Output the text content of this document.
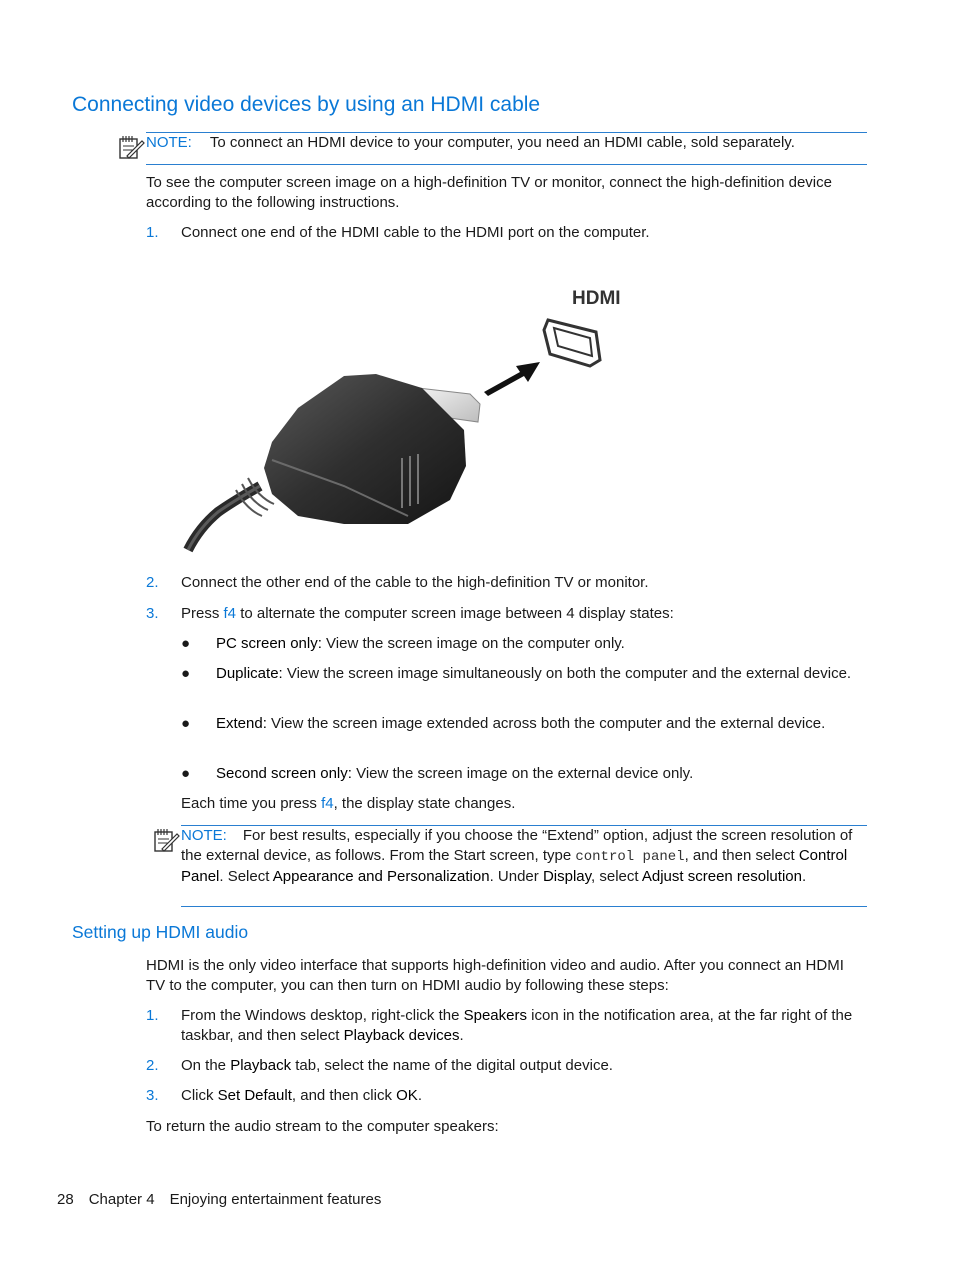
Connecting video devices by using an HDMI cable
NOTE: To connect an HDMI device to your computer, you need an HDMI cable, sold separately.
To see the computer screen image on a high-definition TV or monitor, connect the high-definition device according to the following instructions.
1. Connect one end of the HDMI cable to the HDMI port on the computer.
HDMI
2. Connect the other end of the cable to the high-definition TV or monitor.
3. Press f4 to alternate the computer screen image between 4 display states:
● PC screen only: View the screen image on the computer only.
● Duplicate: View the screen image simultaneously on both the computer and the external device.
● Extend: View the screen image extended across both the computer and the external device.
● Second screen only: View the screen image on the external device only.
Each time you press f4, the display state changes.
NOTE: For best results, especially if you choose the “Extend” option, adjust the screen resolution of the external device, as follows. From the Start screen, type control panel, and then select Control Panel. Select Appearance and Personalization. Under Display, select Adjust screen resolution.
Setting up HDMI audio
HDMI is the only video interface that supports high-definition video and audio. After you connect an HDMI TV to the computer, you can then turn on HDMI audio by following these steps:
1. From the Windows desktop, right-click the Speakers icon in the notification area, at the far right of the taskbar, and then select Playback devices.
2. On the Playback tab, select the name of the digital output device.
3. Click Set Default, and then click OK.
To return the audio stream to the computer speakers:
28 Chapter 4 Enjoying entertainment features
